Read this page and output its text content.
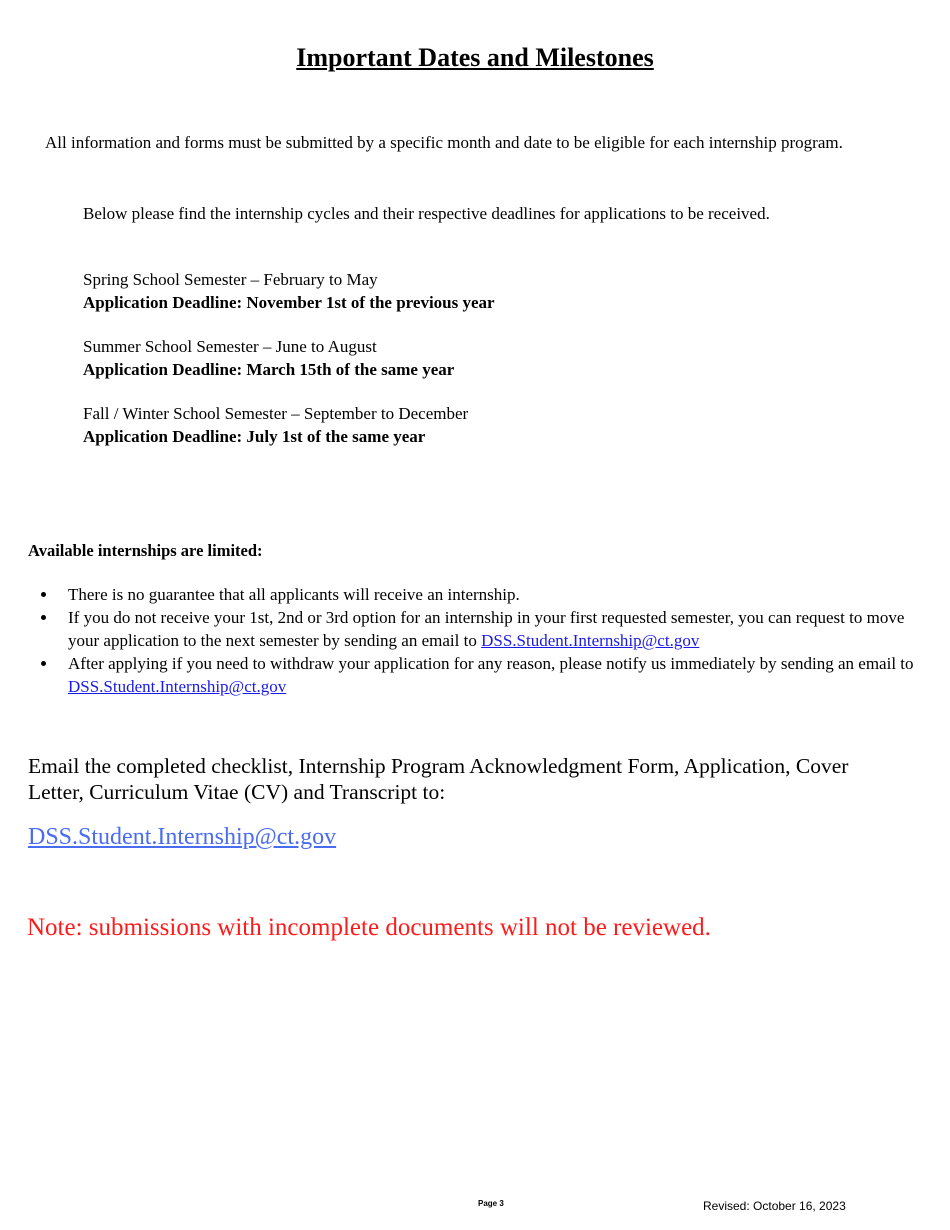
Important Dates and Milestones
All information and forms must be submitted by a specific month and date to be eligible for each internship program.
Below please find the internship cycles and their respective deadlines for applications to be received.
Spring School Semester – February to May
Application Deadline: November 1st of the previous year
Summer School Semester – June to August
Application Deadline: March 15th of the same year
Fall / Winter School Semester – September to December
Application Deadline: July 1st of the same year
Available internships are limited:
There is no guarantee that all applicants will receive an internship.
If you do not receive your 1st, 2nd or 3rd option for an internship in your first requested semester, you can request to move your application to the next semester by sending an email to DSS.Student.Internship@ct.gov
After applying if you need to withdraw your application for any reason, please notify us immediately by sending an email to DSS.Student.Internship@ct.gov
Email the completed checklist, Internship Program Acknowledgment Form, Application, Cover Letter, Curriculum Vitae (CV) and Transcript to:
DSS.Student.Internship@ct.gov
Note: submissions with incomplete documents will not be reviewed.
Page 3	Revised: October 16, 2023
